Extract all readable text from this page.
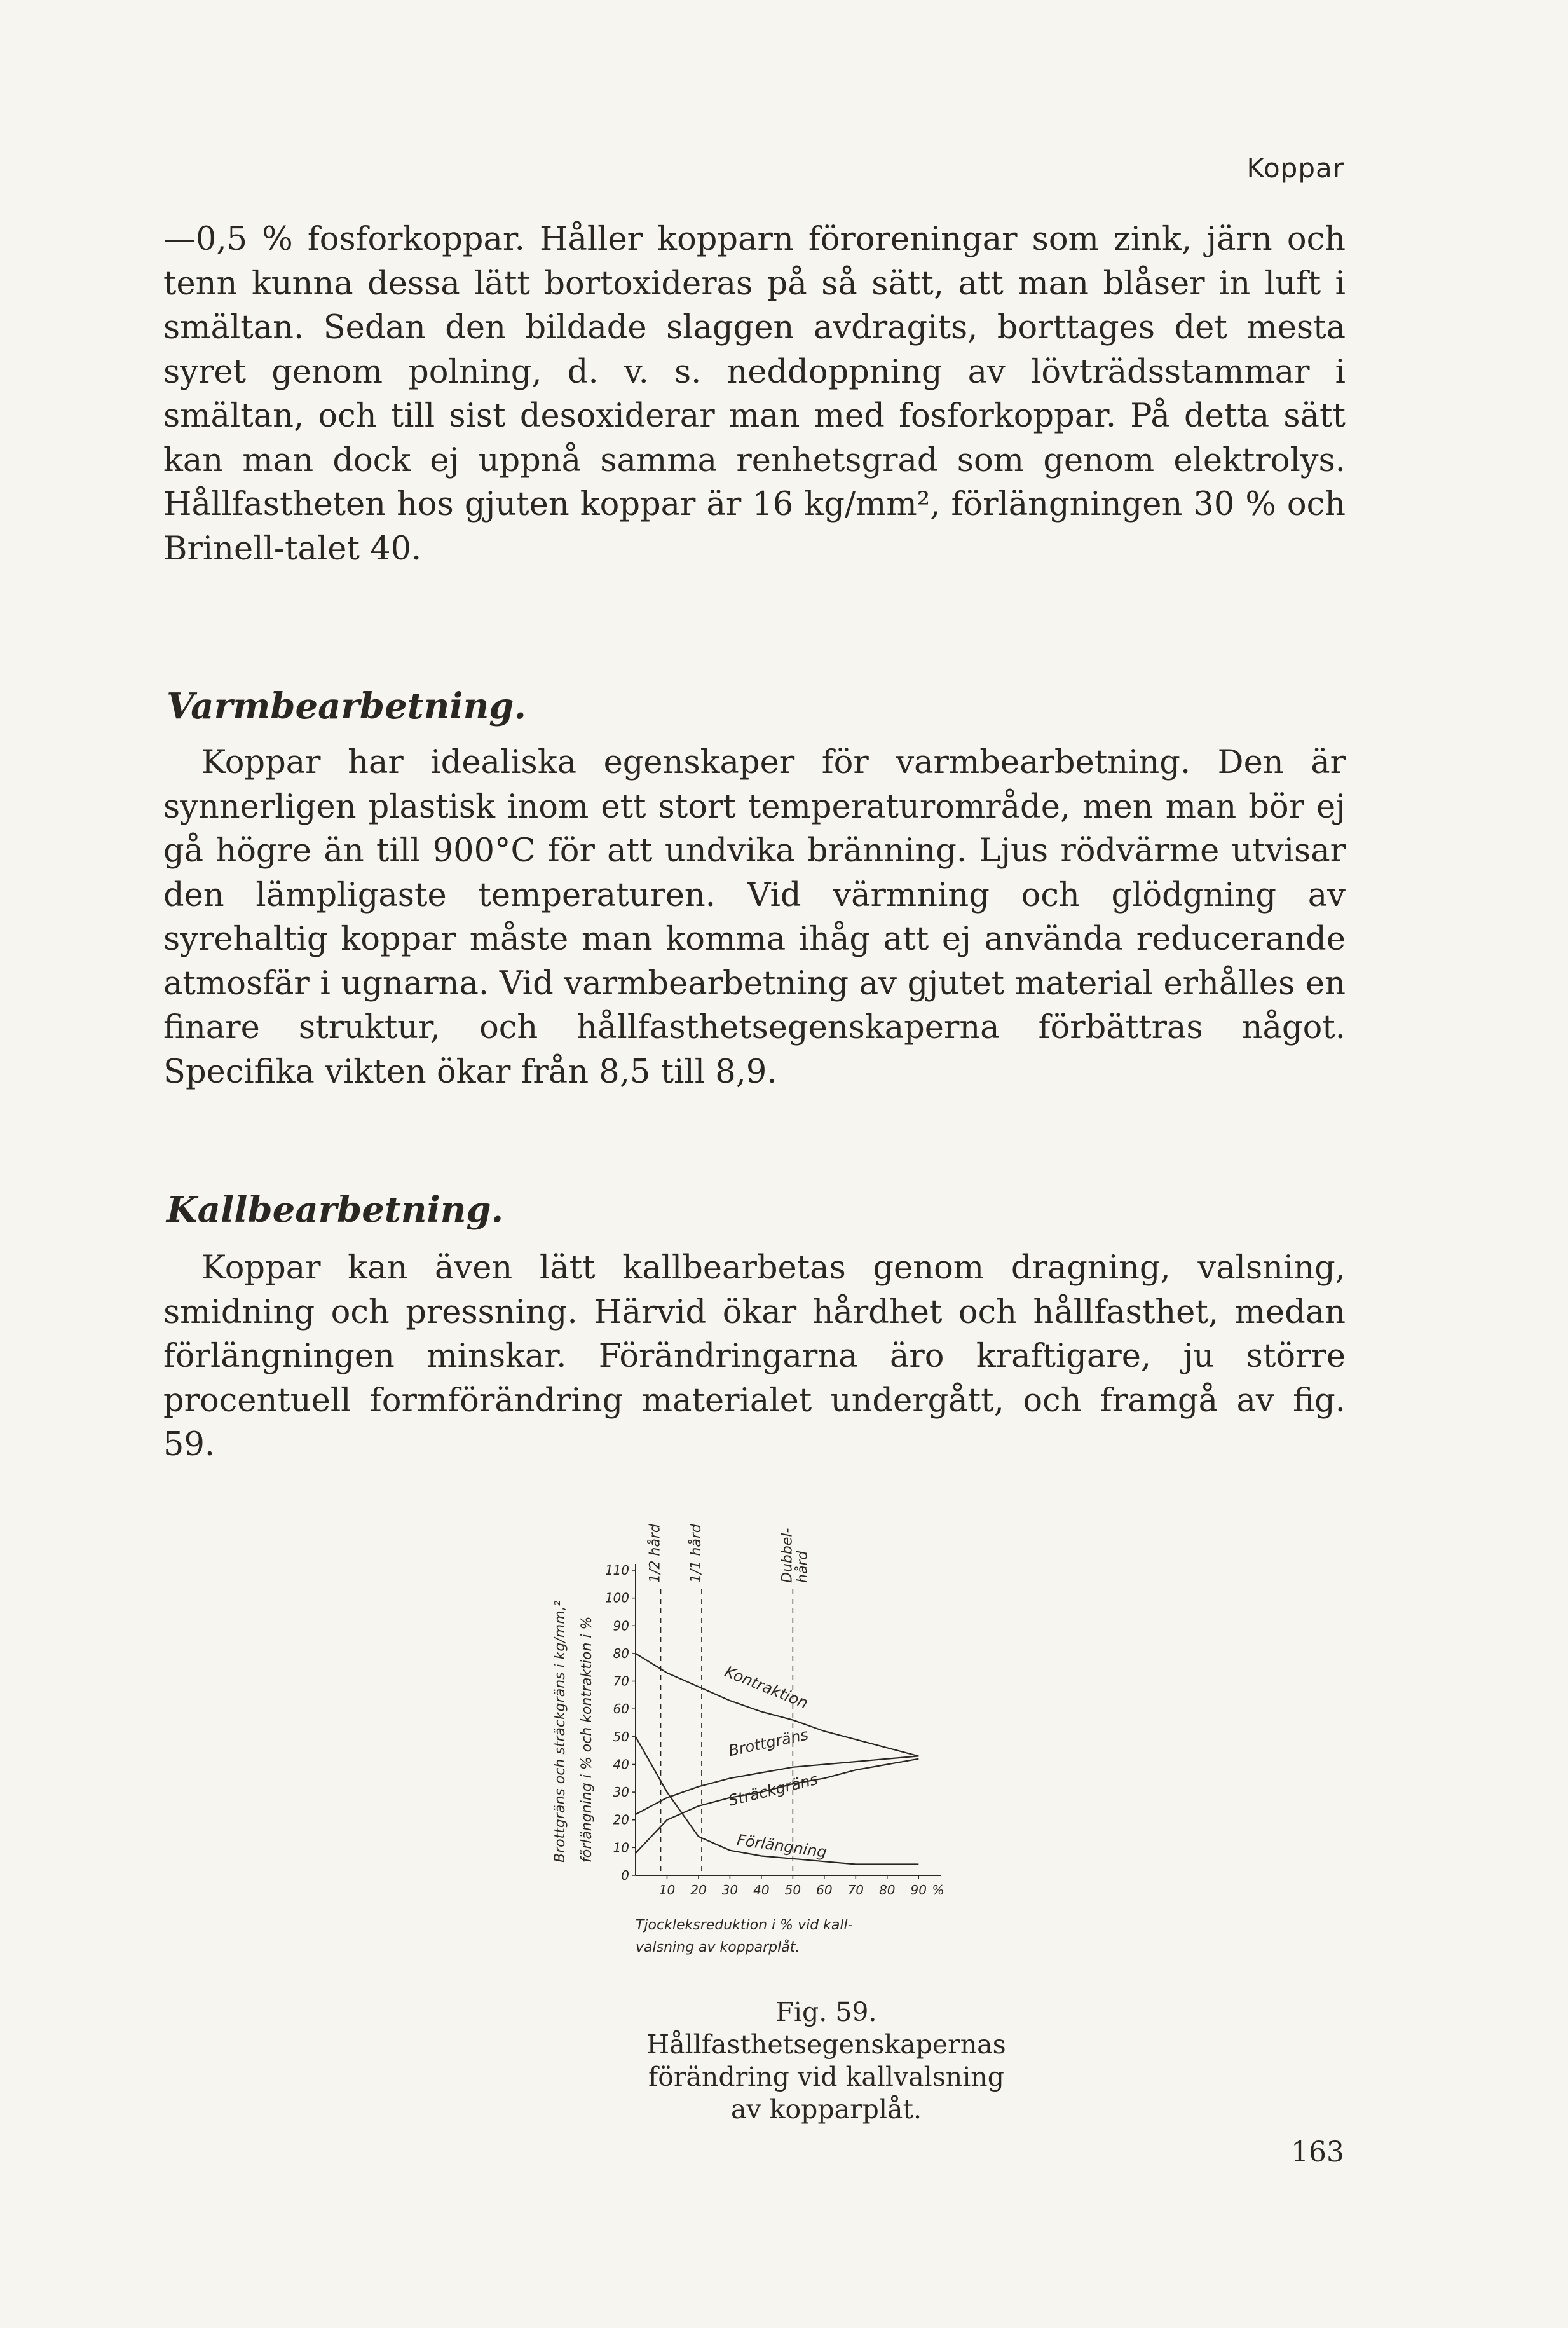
Koppar

—0,5 % fosforkoppar. Håller kopparn föroreningar som zink, järn och tenn kunna dessa lätt bortoxideras på så sätt, att man blåser in luft i smältan. Sedan den bildade slaggen avdragits, borttages det mesta syret genom polning, d. v. s. neddoppning av lövträdsstammar i smältan, och till sist desoxiderar man med fosforkoppar. På detta sätt kan man dock ej uppnå samma renhetsgrad som genom elektrolys. Hållfastheten hos gjuten koppar är 16 kg/mm², förlängningen 30 % och Brinell-talet 40.

Varmbearbetning.

Koppar har idealiska egenskaper för varmbearbetning. Den är synnerligen plastisk inom ett stort temperaturområde, men man bör ej gå högre än till 900°C för att undvika bränning. Ljus rödvärme utvisar den lämpligaste temperaturen. Vid värmning och glödgning av syrehaltig koppar måste man komma ihåg att ej använda reducerande atmosfär i ugnarna. Vid varmbearbetning av gjutet material erhålles en finare struktur, och hållfasthetsegenskaperna förbättras något. Specifika vikten ökar från 8,5 till 8,9.

Kallbearbetning.

Koppar kan även lätt kallbearbetas genom dragning, valsning, smidning och pressning. Härvid ökar hårdhet och hållfasthet, medan förlängningen minskar. Förändringarna äro kraftigare, ju större procentuell formförändring materialet undergått, och framgå av fig. 59.

Brottgräns och sträckgräns i kg/mm,² förlängning i % och kontraktion i %
Tjockleksreduktion i % vid kall-
valsning av kopparplåt.
0
10
20
30
40
50
60
70
80
90
100
110
10 20 30 40 50 60 70 80 90 %
1/2 hård 1/1 hård	Dubbel- hård
Kontraktion
Brottgräns
Sträckgräns
Förlängning

Fig. 59. Hållfasthetsegenskapernas förändring vid kallvalsning av kopparplåt.

163
